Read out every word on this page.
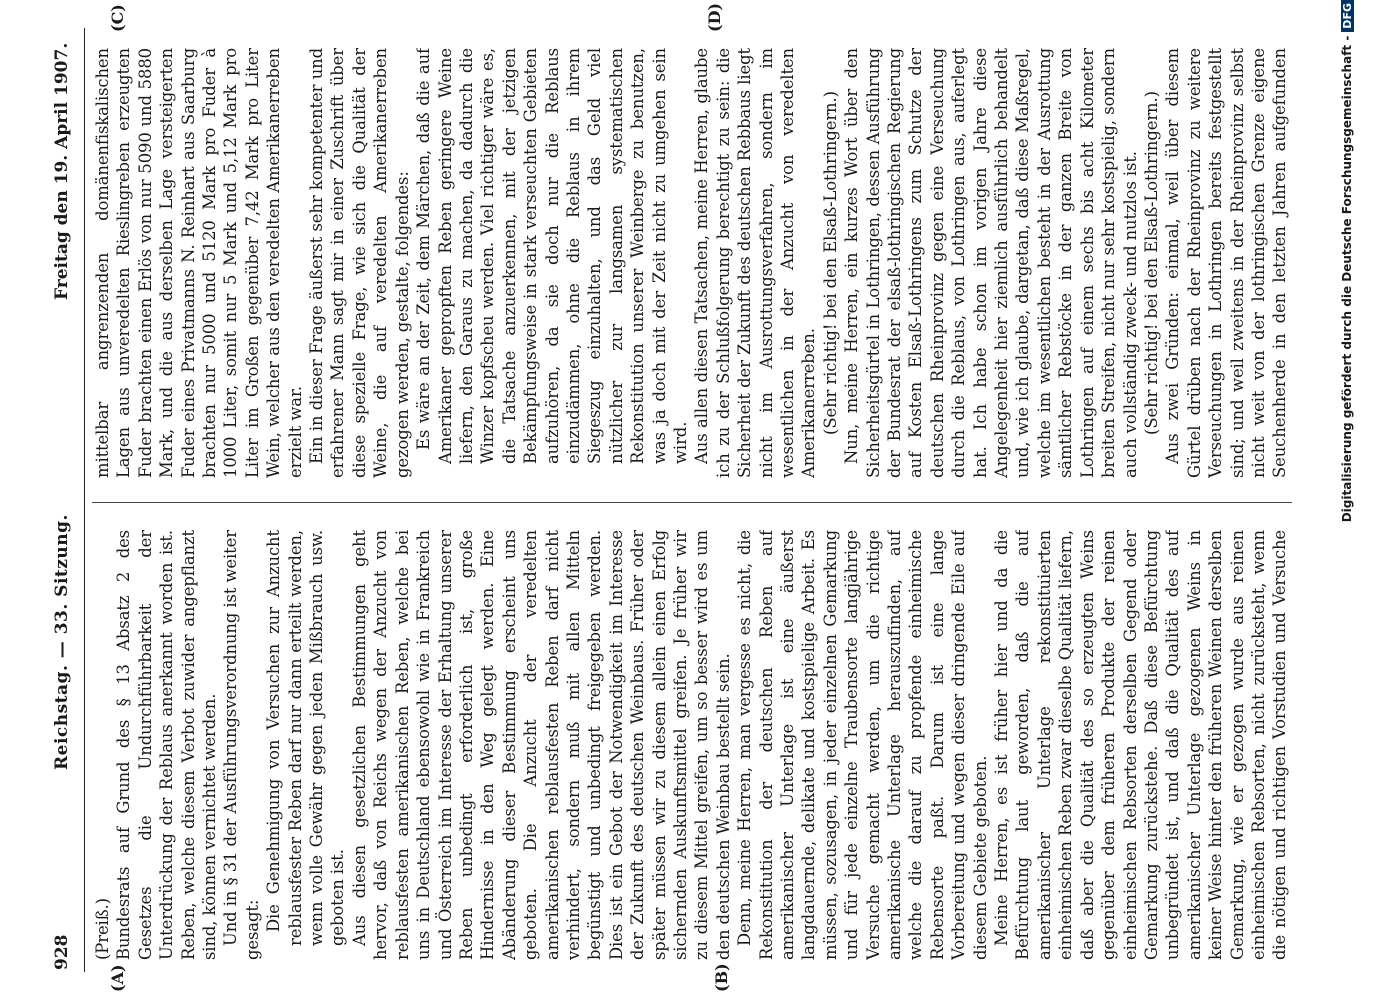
928
Reichstag. — 33. Sitzung.
Freitag den 19. April 1907.
(A)	(B)
(C)	(D)

(Preiß.) Bundesrats auf Grund des § 13 Absatz 2 des Gesetzes die Undurchführbarkeit der Unterdrückung der Reblaus anerkannt worden ist. Reben, welche diesem Verbot zuwider angepflanzt sind, können vernichtet werden. Und in § 31 der Ausführungsverordnung ist weiter gesagt: Die Genehmigung von Versuchen zur Anzucht reblausfester Reben darf nur dann erteilt werden, wenn volle Gewähr gegen jeden Mißbrauch usw. geboten ist. Aus diesen gesetzlichen Bestimmungen geht hervor, daß von Reichs wegen der Anzucht von reblausfesten amerikanischen Reben, welche bei uns in Deutschland ebensowohl wie in Frankreich und Österreich im Interesse der Erhaltung unserer Reben unbedingt erforderlich ist, große Hindernisse in den Weg gelegt werden. Eine Abänderung dieser Bestimmung erscheint uns geboten. Die Anzucht der veredelten amerikanischen reblausfesten Reben darf nicht verhindert, sondern muß mit allen Mitteln begünstigt und unbedingt freigegeben werden. Dies ist ein Gebot der Notwendigkeit im Interesse der Zukunft des deutschen Weinbaus. Früher oder später müssen wir zu diesem allein einen Erfolg sichernden Auskunftsmittel greifen. Je früher wir zu diesem Mittel greifen, um so besser wird es um den deutschen Weinbau bestellt sein. Denn, meine Herren, man vergesse es nicht, die Rekonstitution der deutschen Reben auf amerikanischer Unterlage ist eine äußerst langdauernde, delikate und kostspielige Arbeit. Es müssen, sozusagen, in jeder einzelnen Gemarkung und für jede einzelne Traubensorte langjährige Versuche gemacht werden, um die richtige amerikanische Unterlage herauszufinden, auf welche die darauf zu propfende einheimische Rebensorte paßt. Darum ist eine lange Vorbereitung und wegen dieser dringende Eile auf diesem Gebiete geboten. Meine Herren, es ist früher hier und da die Befürchtung laut geworden, daß die auf amerikanischer Unterlage rekonstituierten einheimischen Reben zwar dieselbe Qualität liefern, daß aber die Qualität des so erzeugten Weins gegenüber dem früheren Produkte der reinen einheimischen Rebsorten derselben Gegend oder Gemarkung zurückstehe. Daß diese Befürchtung unbegründet ist, und daß die Qualität des auf amerikanischer Unterlage gezogenen Weins in keiner Weise hinter den früheren Weinen derselben Gemarkung, wie er gezogen wurde aus reinen einheimischen Rebsorten, nicht zurücksteht, wenn die nötigen und richtigen Vorstudien und Versuche

mittelbar angrenzenden domänenfiskalischen Lagen aus unveredelten Rieslingreben erzeugten Fuder brachten einen Erlös von nur 5090 und 5880 Mark, und die aus derselben Lage versteigerten Fuder eines Privatmanns N. Reinhart aus Saarburg brachten nur 5000 und 5120 Mark pro Fuder à 1000 Liter, somit nur 5 Mark und 5,12 Mark pro Liter im Großen gegenüber 7,42 Mark pro Liter Wein, welcher aus den veredelten Amerikanerreben erzielt war. Ein in dieser Frage äußerst sehr kompetenter und erfahrener Mann sagt mir in einer Zuschrift über diese spezielle Frage, wie sich die Qualität der Weine, die auf veredelten Amerikanerreben gezogen werden, gestalte, folgendes: Es wäre an der Zeit, dem Märchen, daß die auf Amerikaner gepropften Reben geringere Weine liefern, den Garaus zu machen, da dadurch die Winzer kopfscheu werden. Viel richtiger wäre es, die Tatsache anzuerkennen, mit der jetzigen Bekämpfungsweise in stark verseuchten Gebieten aufzuhören, da sie doch nur die Reblaus einzudämmen, ohne die Reblaus in ihrem Siegeszug einzuhalten, und das Geld viel nützlicher zur langsamen systematischen Rekonstitution unserer Weinberge zu benutzen, was ja doch mit der Zeit nicht zu umgehen sein wird. Aus allen diesen Tatsachen, meine Herren, glaube ich zu der Schlußfolgerung berechtigt zu sein: die Sicherheit der Zukunft des deutschen Rebbaus liegt nicht im Ausrottungsverfahren, sondern im wesentlichen in der Anzucht von veredelten Amerikanerreben. (Sehr richtig! bei den Elsaß-Lothringern.) Nun, meine Herren, ein kurzes Wort über den Sicherheitsgürtel in Lothringen, dessen Ausführung der Bundesrat der elsaß-lothringischen Regierung auf Kosten Elsaß-Lothringens zum Schutze der deutschen Rheinprovinz gegen eine Verseuchung durch die Reblaus, von Lothringen aus, auferlegt hat. Ich habe schon im vorigen Jahre diese Angelegenheit hier ziemlich ausführlich behandelt und, wie ich glaube, dargetan, daß diese Maßregel, welche im wesentlichen besteht in der Ausrottung sämtlicher Rebstöcke in der ganzen Breite von Lothringen auf einem sechs bis acht Kilometer breiten Streifen, nicht nur sehr kostspielig, sondern auch vollständig zweck- und nutzlos ist. (Sehr richtig! bei den Elsaß-Lothringern.)

Aus zwei Gründen: einmal, weil über diesem Gürtel drüben nach der Rheinprovinz zu weitere Verseuchungen in Lothringen bereits festgestellt sind; und weil zweitens in der Rheinprovinz selbst nicht weit von der lothringischen Grenze eigene Seuchenherde in den letzten Jahren aufgefunden	Digitalisierung gefördert durch die Deutsche Forschungsgemeinschaft -DFG
